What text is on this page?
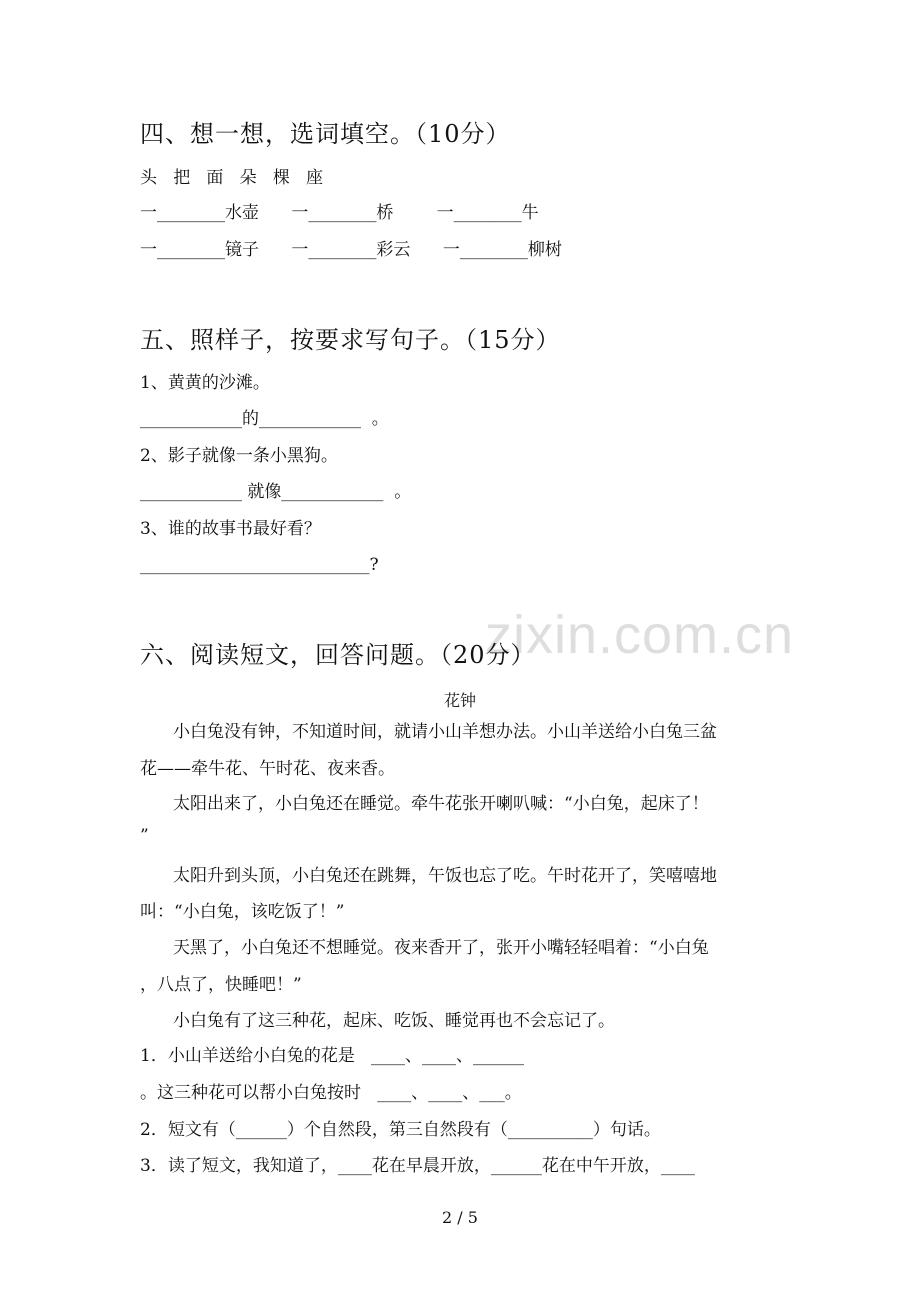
zixin.com.cn
四、想一想，选词填空。（10分）
头   把   面   朵   棵   座
一________水壶      一________桥        一________牛
一________镜子      一________彩云      一________柳树
五、照样子，按要求写句子。（15分）
1、黄黄的沙滩。
____________的____________  。
2、影子就像一条小黑狗。
____________ 就像____________  。
3、谁的故事书最好看？
___________________________?
六、阅读短文，回答问题。（20分）
花钟
小白兔没有钟，不知道时间，就请小山羊想办法。小山羊送给小白兔三盆
花——牵牛花、午时花、夜来香。
太阳出来了，小白兔还在睡觉。牵牛花张开喇叭喊：“小白兔，起床了！
”
太阳升到头顶，小白兔还在跳舞，午饭也忘了吃。午时花开了，笑嘻嘻地
叫：“小白兔，该吃饭了！”
天黑了，小白兔还不想睡觉。夜来香开了，张开小嘴轻轻唱着：“小白兔
，八点了，快睡吧！”
小白兔有了这三种花，起床、吃饭、睡觉再也不会忘记了。
1．小山羊送给小白兔的花是   ____、____、______
。这三种花可以帮小白兔按时   ____、____、___。
2．短文有（______）个自然段，第三自然段有（__________）句话。
3．读了短文，我知道了，____花在早晨开放，______花在中午开放，____
2 / 5
